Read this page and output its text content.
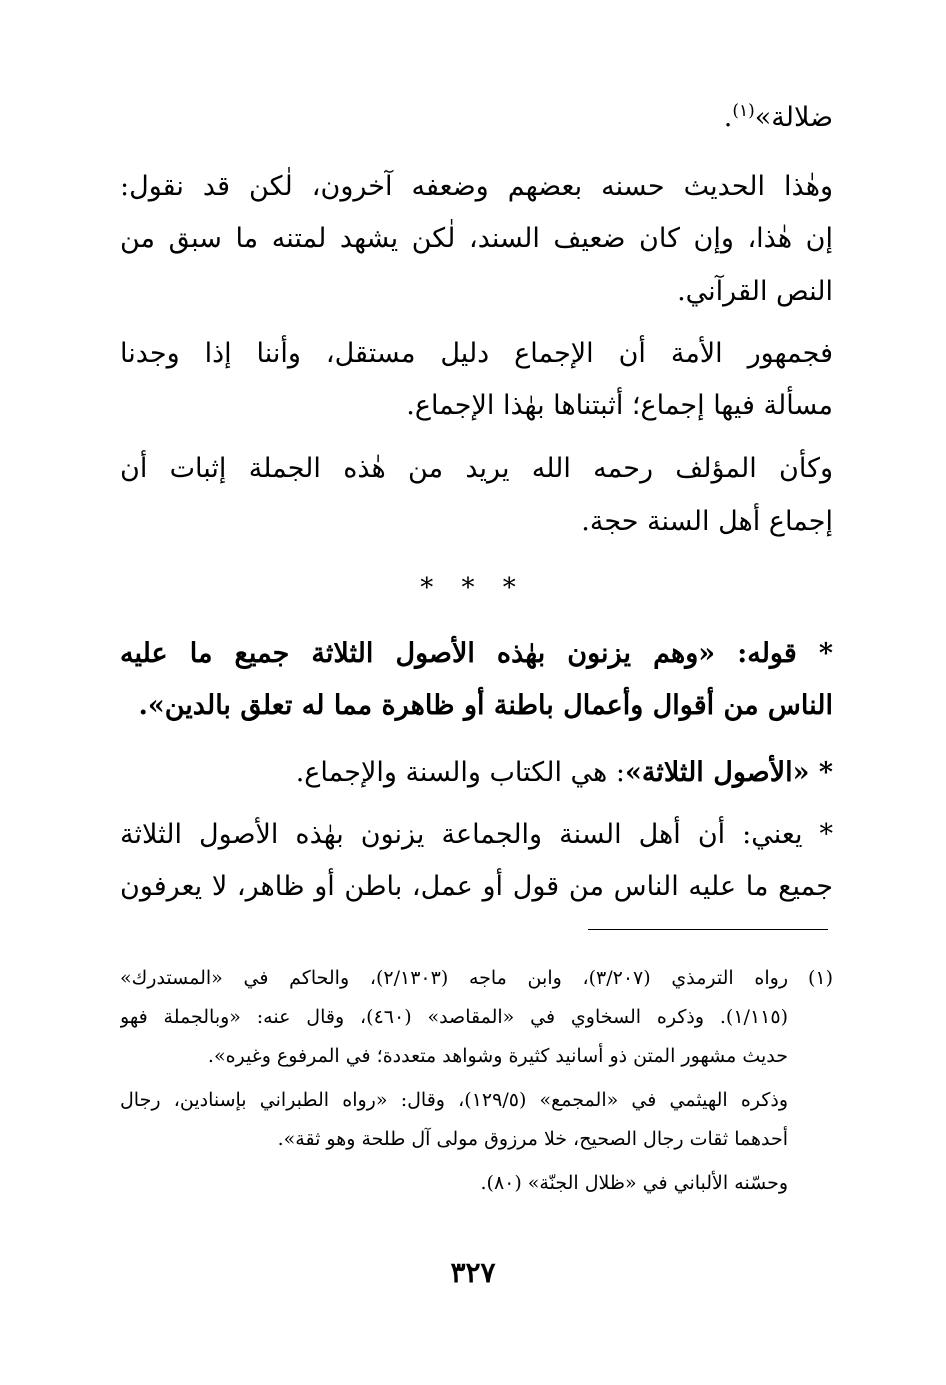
ضلالة»$^{(١)}$.
وهٰذا الحديث حسنه بعضهم وضعفه آخرون، لٰكن قد نقول:
إن هٰذا، وإن كان ضعيف السند، لٰكن يشهد لمتنه ما سبق من
النص القرآني.
فجمهور الأمة أن الإجماع دليل مستقل، وأننا إذا وجدنا
مسألة فيها إجماع؛ أثبتناها بهٰذا الإجماع.
وكأن المؤلف رحمه الله يريد من هٰذه الجملة إثبات أن
إجماع أهل السنة حجة.
* * *
* قوله: «وهم يزنون بهٰذه الأصول الثلاثة جميع ما عليه
الناس من أقوال وأعمال باطنة أو ظاهرة مما له تعلق بالدين».
* «الأصول الثلاثة»: هي الكتاب والسنة والإجماع.
* يعني: أن أهل السنة والجماعة يزنون بهٰذه الأصول الثلاثة
جميع ما عليه الناس من قول أو عمل، باطن أو ظاهر، لا يعرفون
(١)
رواه الترمذي (٣/٢٠٧)، وابن ماجه (٢/١٣٠٣)، والحاكم في «المستدرك»
(١/١١٥). وذكره السخاوي في «المقاصد» (٤٦٠)، وقال عنه: «وبالجملة فهو
حديث مشهور المتن ذو أسانيد كثيرة وشواهد متعددة؛ في المرفوع وغيره».
وذكره الهيثمي في «المجمع» (١٢٩/٥)، وقال: «رواه الطبراني بإسنادين، رجال
أحدهما ثقات رجال الصحيح، خلا مرزوق مولى آل طلحة وهو ثقة».
وحسّنه الألباني في «ظلال الجنّة» (٨٠).
٣٢٧
